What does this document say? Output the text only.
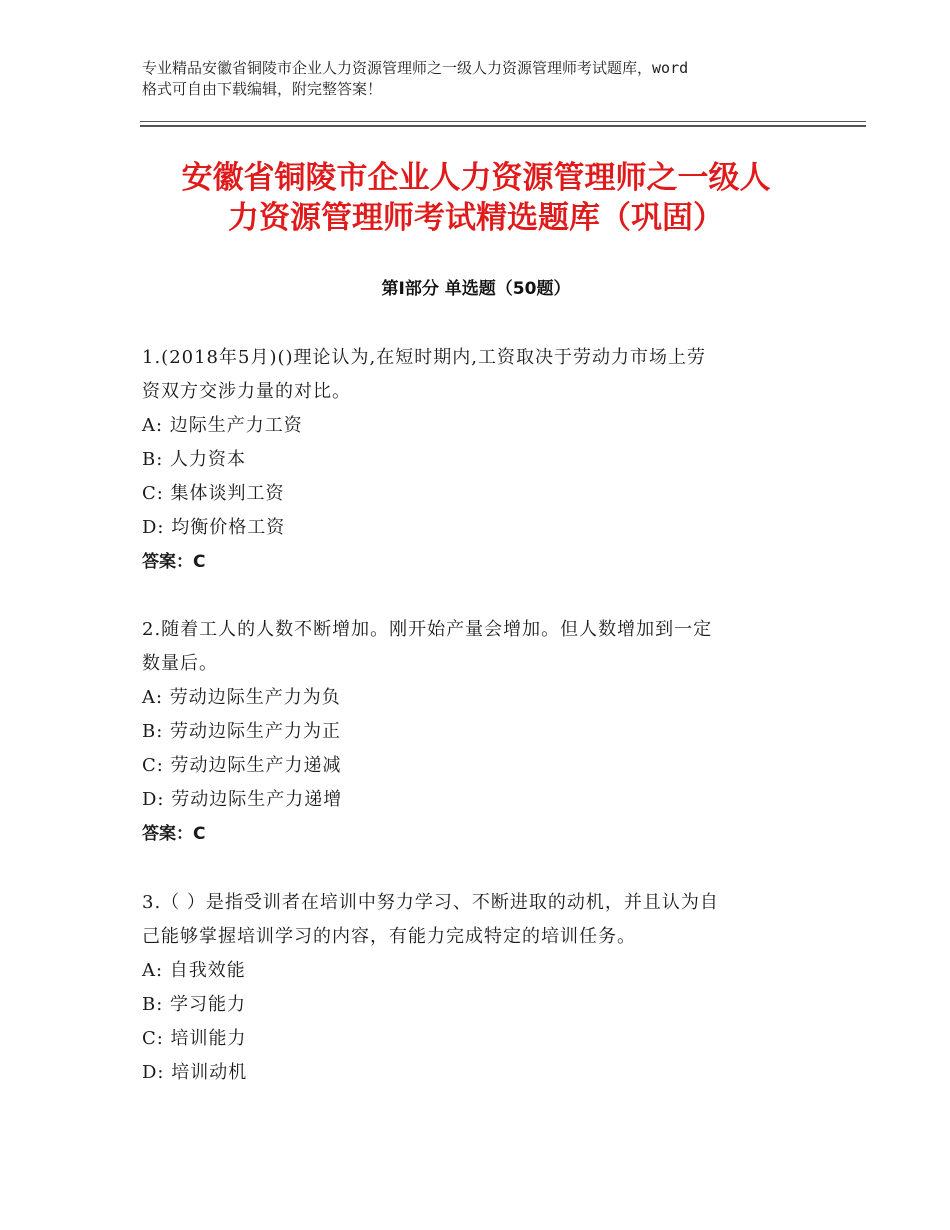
专业精品安徽省铜陵市企业人力资源管理师之一级人力资源管理师考试题库，word
格式可自由下载编辑，附完整答案！
安徽省铜陵市企业人力资源管理师之一级人
力资源管理师考试精选题库（巩固）
第Ⅰ部分 单选题（50题）

1.(2018年5月)()理论认为,在短时期内,工资取决于劳动力市场上劳

资双方交涉力量的对比。

A: 边际生产力工资

B: 人力资本

C: 集体谈判工资

D: 均衡价格工资

答案：C

2.随着工人的人数不断增加。刚开始产量会增加。但人数增加到一定

数量后。

A: 劳动边际生产力为负

B: 劳动边际生产力为正

C: 劳动边际生产力递减

D: 劳动边际生产力递增

答案：C

3.（ ）是指受训者在培训中努力学习、不断进取的动机，并且认为自

己能够掌握培训学习的内容，有能力完成特定的培训任务。

A: 自我效能

B: 学习能力

C: 培训能力

D: 培训动机
